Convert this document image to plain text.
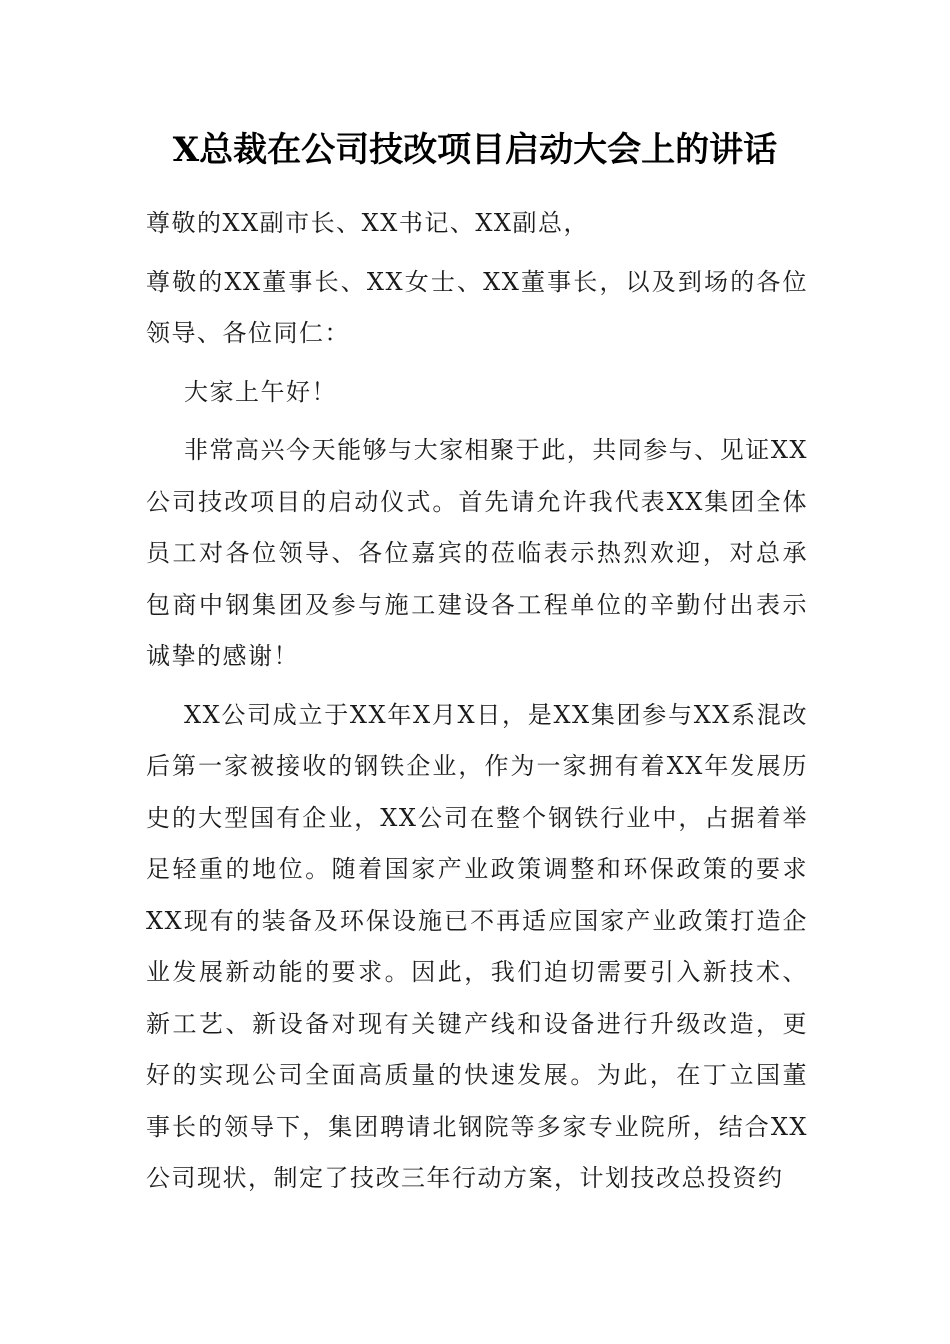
X总裁在公司技改项目启动大会上的讲话

尊敬的XX副市长、XX书记、XX副总，

尊敬的XX董事长、XX女士、XX董事长，以及到场的各位领导、各位同仁：

大家上午好！

非常高兴今天能够与大家相聚于此，共同参与、见证XX公司技改项目的启动仪式。首先请允许我代表XX集团全体员工对各位领导、各位嘉宾的莅临表示热烈欢迎，对总承包商中钢集团及参与施工建设各工程单位的辛勤付出表示诚挚的感谢！

XX公司成立于XX年X月X日，是XX集团参与XX系混改后第一家被接收的钢铁企业，作为一家拥有着XX年发展历史的大型国有企业，XX公司在整个钢铁行业中，占据着举足轻重的地位。随着国家产业政策调整和环保政策的要求XX现有的装备及环保设施已不再适应国家产业政策打造企业发展新动能的要求。因此，我们迫切需要引入新技术、新工艺、新设备对现有关键产线和设备进行升级改造，更好的实现公司全面高质量的快速发展。为此，在丁立国董事长的领导下，集团聘请北钢院等多家专业院所，结合XX公司现状，制定了技改三年行动方案，计划技改总投资约
